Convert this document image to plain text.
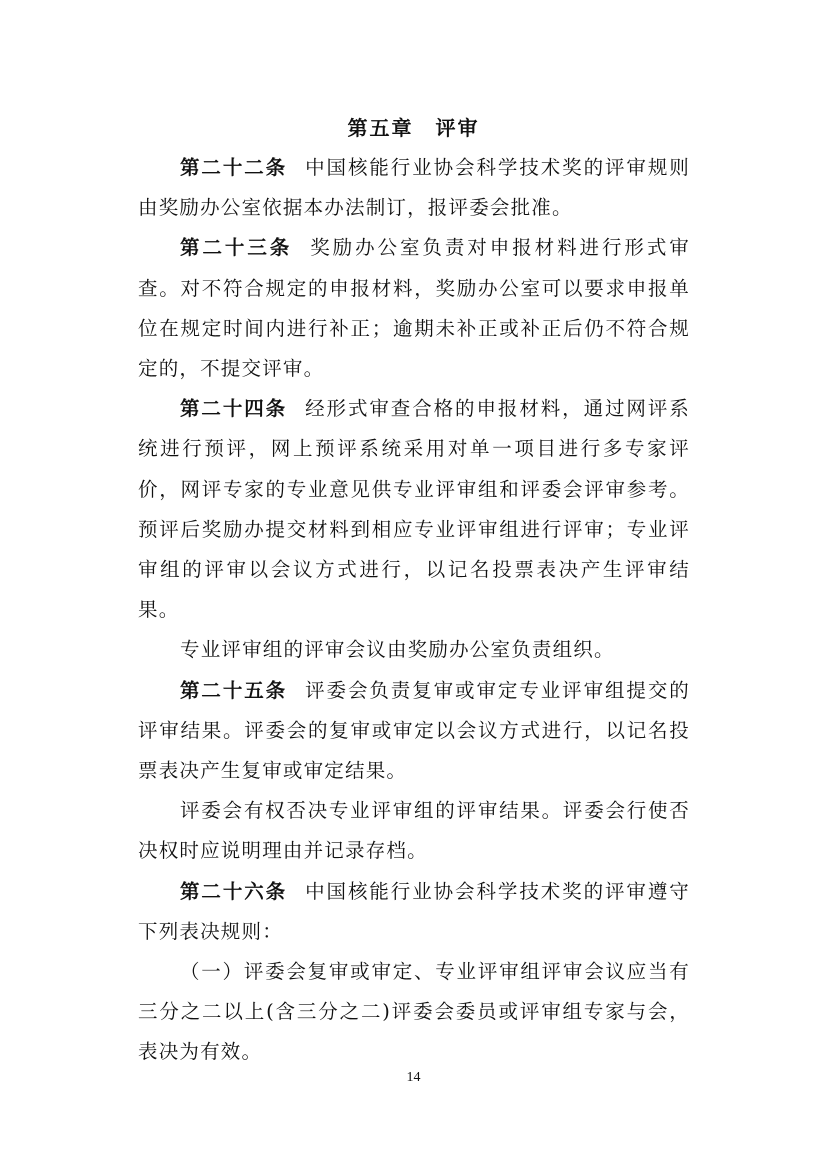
第五章　评审

第二十二条 中国核能行业协会科学技术奖的评审规则由奖励办公室依据本办法制订，报评委会批准。

第二十三条 奖励办公室负责对申报材料进行形式审查。对不符合规定的申报材料，奖励办公室可以要求申报单位在规定时间内进行补正；逾期未补正或补正后仍不符合规定的，不提交评审。

第二十四条 经形式审查合格的申报材料，通过网评系统进行预评，网上预评系统采用对单一项目进行多专家评价，网评专家的专业意见供专业评审组和评委会评审参考。预评后奖励办提交材料到相应专业评审组进行评审；专业评审组的评审以会议方式进行，以记名投票表决产生评审结果。

专业评审组的评审会议由奖励办公室负责组织。

第二十五条 评委会负责复审或审定专业评审组提交的评审结果。评委会的复审或审定以会议方式进行，以记名投票表决产生复审或审定结果。

评委会有权否决专业评审组的评审结果。评委会行使否决权时应说明理由并记录存档。

第二十六条 中国核能行业协会科学技术奖的评审遵守下列表决规则：

（一）评委会复审或审定、专业评审组评审会议应当有三分之二以上(含三分之二)评委会委员或评审组专家与会，表决为有效。

14
